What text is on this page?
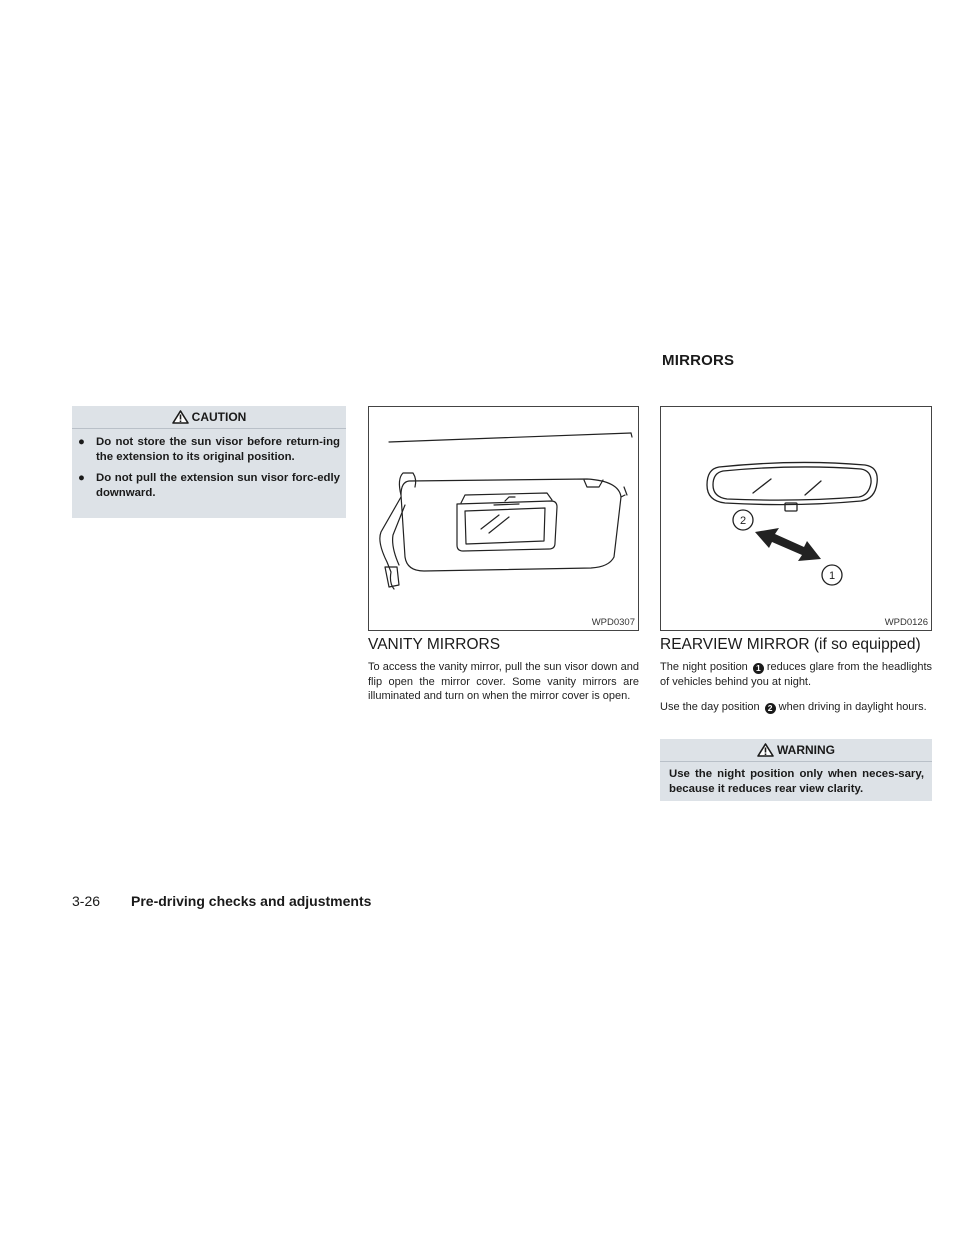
MIRRORS
CAUTION
● Do not store the sun visor before return-ing the extension to its original position.
● Do not pull the extension sun visor forc-edly downward.
WPD0307
2
1
WPD0126
VANITY MIRRORS
To access the vanity mirror, pull the sun visor down and flip open the mirror cover. Some vanity mirrors are illuminated and turn on when the mirror cover is open.
REARVIEW MIRROR (if so equipped)
The night position 1 reduces glare from the headlights of vehicles behind you at night.
Use the day position 2 when driving in daylight hours.
WARNING
Use the night position only when neces-sary, because it reduces rear view clarity.
3-26 Pre-driving checks and adjustments
